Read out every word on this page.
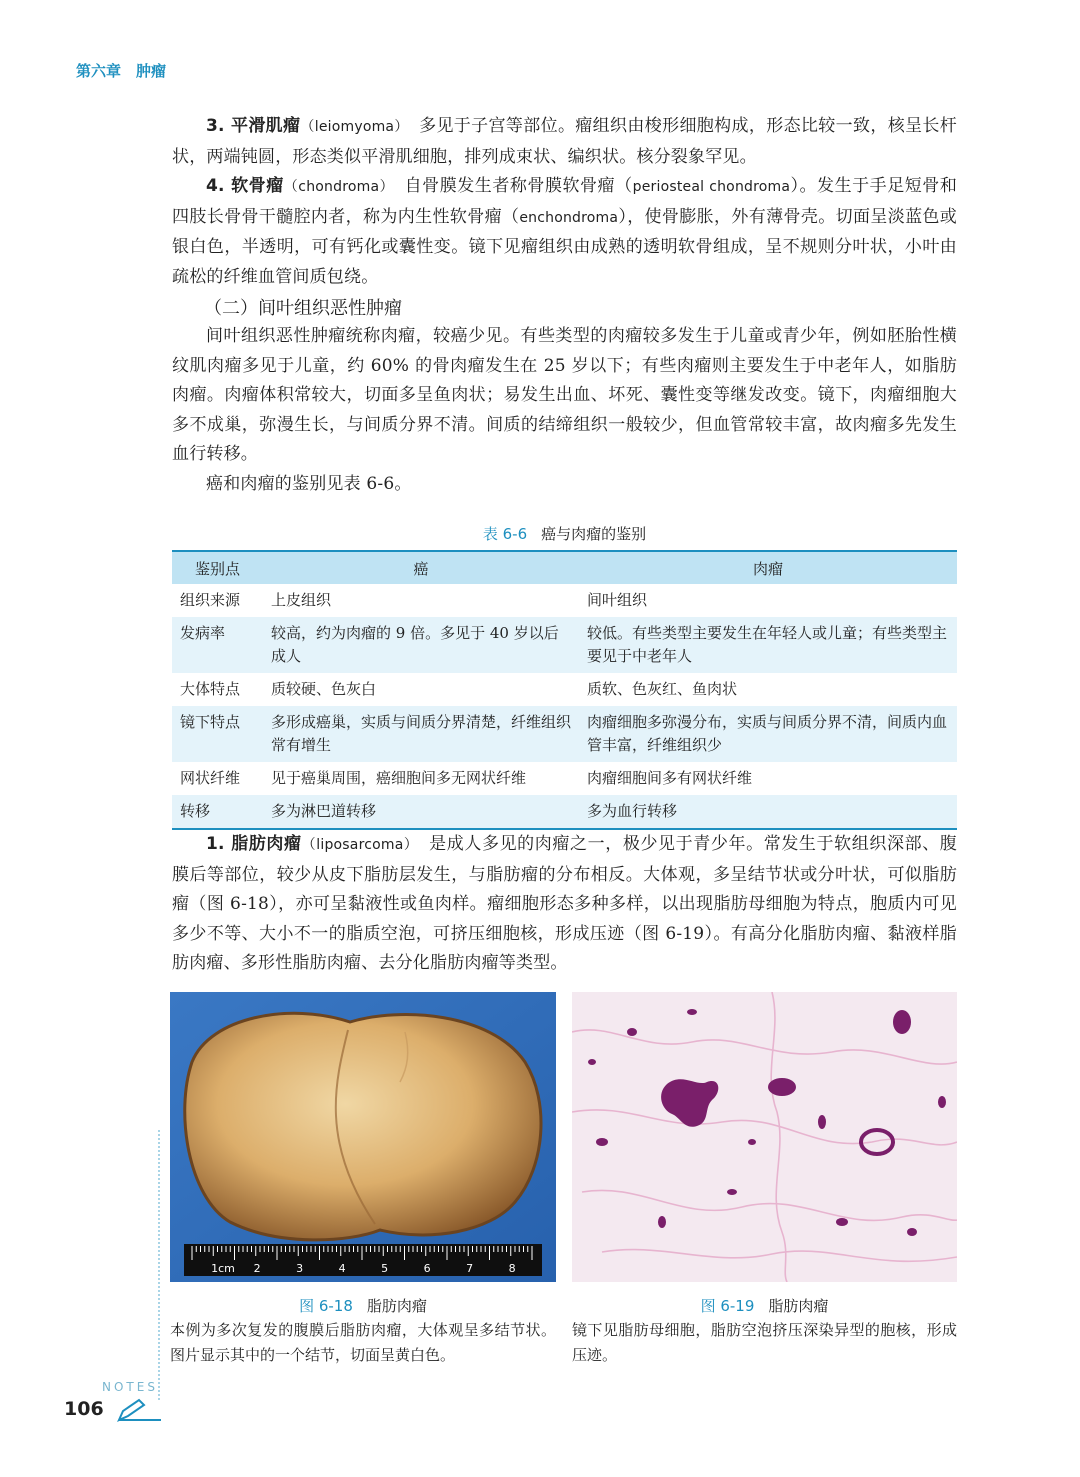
第六章　肿瘤

3. 平滑肌瘤（leiomyoma）　多见于子宫等部位。瘤组织由梭形细胞构成，形态比较一致，核呈长杆状，两端钝圆，形态类似平滑肌细胞，排列成束状、编织状。核分裂象罕见。

4. 软骨瘤（chondroma）　自骨膜发生者称骨膜软骨瘤（periosteal chondroma）。发生于手足短骨和四肢长骨骨干髓腔内者，称为内生性软骨瘤（enchondroma），使骨膨胀，外有薄骨壳。切面呈淡蓝色或银白色，半透明，可有钙化或囊性变。镜下见瘤组织由成熟的透明软骨组成，呈不规则分叶状，小叶由疏松的纤维血管间质包绕。

（二）间叶组织恶性肿瘤

间叶组织恶性肿瘤统称肉瘤，较癌少见。有些类型的肉瘤较多发生于儿童或青少年，例如胚胎性横纹肌肉瘤多见于儿童，约 60% 的骨肉瘤发生在 25 岁以下；有些肉瘤则主要发生于中老年人，如脂肪肉瘤。肉瘤体积常较大，切面多呈鱼肉状；易发生出血、坏死、囊性变等继发改变。镜下，肉瘤细胞大多不成巢，弥漫生长，与间质分界不清。间质的结缔组织一般较少，但血管常较丰富，故肉瘤多先发生血行转移。

癌和肉瘤的鉴别见表 6-6。

表 6-6 癌与肉瘤的鉴别
鉴别点	癌	肉瘤
组织来源	上皮组织	间叶组织
发病率	较高，约为肉瘤的 9 倍。多见于 40 岁以后成人	较低。有些类型主要发生在年轻人或儿童；有些类型主要见于中老年人
大体特点	质较硬、色灰白	质软、色灰红、鱼肉状
镜下特点	多形成癌巢，实质与间质分界清楚，纤维组织常有增生	肉瘤细胞多弥漫分布，实质与间质分界不清，间质内血管丰富，纤维组织少
网状纤维	见于癌巢周围，癌细胞间多无网状纤维	肉瘤细胞间多有网状纤维
转移	多为淋巴道转移	多为血行转移

1. 脂肪肉瘤（liposarcoma）　是成人多见的肉瘤之一，极少见于青少年。常发生于软组织深部、腹膜后等部位，较少从皮下脂肪层发生，与脂肪瘤的分布相反。大体观，多呈结节状或分叶状，可似脂肪瘤（图 6-18），亦可呈黏液性或鱼肉样。瘤细胞形态多种多样，以出现脂肪母细胞为特点，胞质内可见多少不等、大小不一的脂质空泡，可挤压细胞核，形成压迹（图 6-19）。有高分化脂肪肉瘤、黏液样脂肪肉瘤、多形性脂肪肉瘤、去分化脂肪肉瘤等类型。

1cm 2	3	4	5	6	7	8
图 6-18 脂肪肉瘤
本例为多次复发的腹膜后脂肪肉瘤，大体观呈多结节状。图片显示其中的一个结节，切面呈黄白色。
图 6-19 脂肪肉瘤
镜下见脂肪母细胞，脂肪空泡挤压深染异型的胞核，形成压迹。
NOTES
106
